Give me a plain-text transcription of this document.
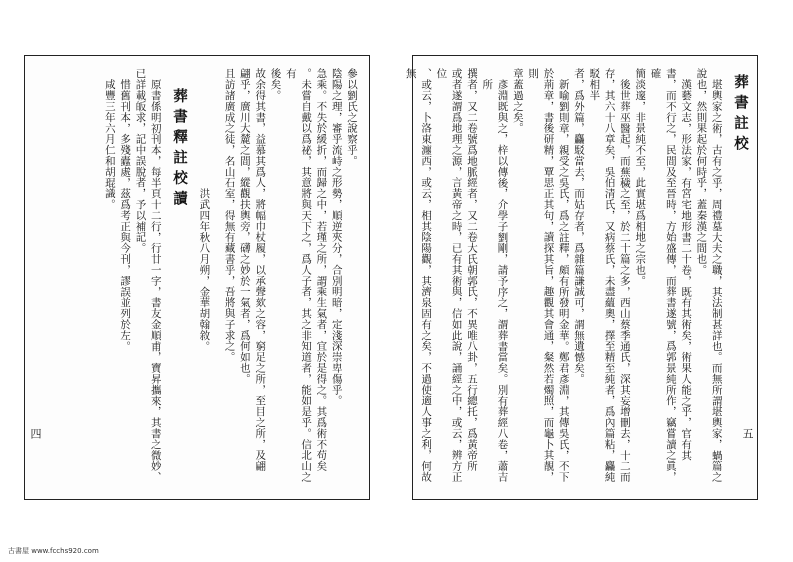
參以劉氏之說察乎。
陰陽之理，審乎流峙之形勢，順逆夾分，合別明暗，定淺深崇卑傷乎。
急乘。不失於緩折，而歸之中，若瑾之所，謂乘生氣者，宜於是得之。其爲術不苟矣
。未嘗自戴以爲祕，其意將與天下之，爲人子者，其之非知道者，能如是乎。信北山之有
後矣。
故余得其書，益慕其爲人，將幅巾杖履，以承聲欬之容，窮足之所，至目之所，及翩
翩乎，廣川大麓之間，縱觀扶輿旁，礴之妙於一氣者，爲何如也。
且訪諸廣成之徒，名山石室，得無有藏書乎，吾將與子求之。
洪武四年秋八月朔，金華胡翰敘。
葬書釋註校讀
原書係明初刊本，每半頁十二行，行廿一字，書友金順甫，寶昇攜來，其書之微妙、
已詳載皈求，記中誤脫者，予以補記。
惜舊刊本，多殘蠹處，茲爲考正與今刊，謬誤並列於左。
咸豐三年六月仁和胡琨識。
四	五
葬書註校
堪輿家之術，古有之乎，周禮墓大夫之職，其法制甚詳也。而無所謂堪輿家，蝸篇之
說也，然則果起於何時乎，蓋秦漢之間也。
漢藝文志，形法家，有宮宅地形書二十卷，既有其術矣，術果人能之乎，官有其
書，而不行之，民間及至晉時，方始盛傳，而葬書遂號，爲郭景純所作，竊嘗讀之眞，確
簡淡邃，非景純不至，此實堪爲相地之宗也。
後世葬巫醫起，而蕪穢之至，於二十篇之多，西山蔡季通氏，深其妄增刪去，十二而
存，其六十八章矣，吳伯清氏，又病蔡氏，未盡蘊奧，擇至精至純者，爲內篇粘，麤純駁相半
者，爲外篇，麤駁當去，而姑存者，爲雜篇謙誠可，謂無遺憾矣。
新喻劉則章，親受之吳氏，爲之註釋，頗有所發明金華。鄭君彥淵，其傳吳氏，不下
於荊章，書後研精，覃思正其句，讀探其旨，趣觀其會通，粲然若燭照，而龜卜其靚，則
章蓋過之矣。
彥淵既與之，梓以傳後，介學子劉剛，請予序之，謂葬書當矣。別有葬經八卷，蕭吉所
撰者，又二卷號爲地脈經者，又二卷大氏朝郭氏，不異唯八卦，五行總托，爲黃帝所
或者遂謂爲地理之源，言黃帝之時，已有其術與，信如此說，誦經之中，或云，辨方正位
、或云，卜洛東瀍西，或云，相其陰陽觀，其濟泉固有之矣，不過使適人事之利，何故無
古書屋 www.fcchs920.com
